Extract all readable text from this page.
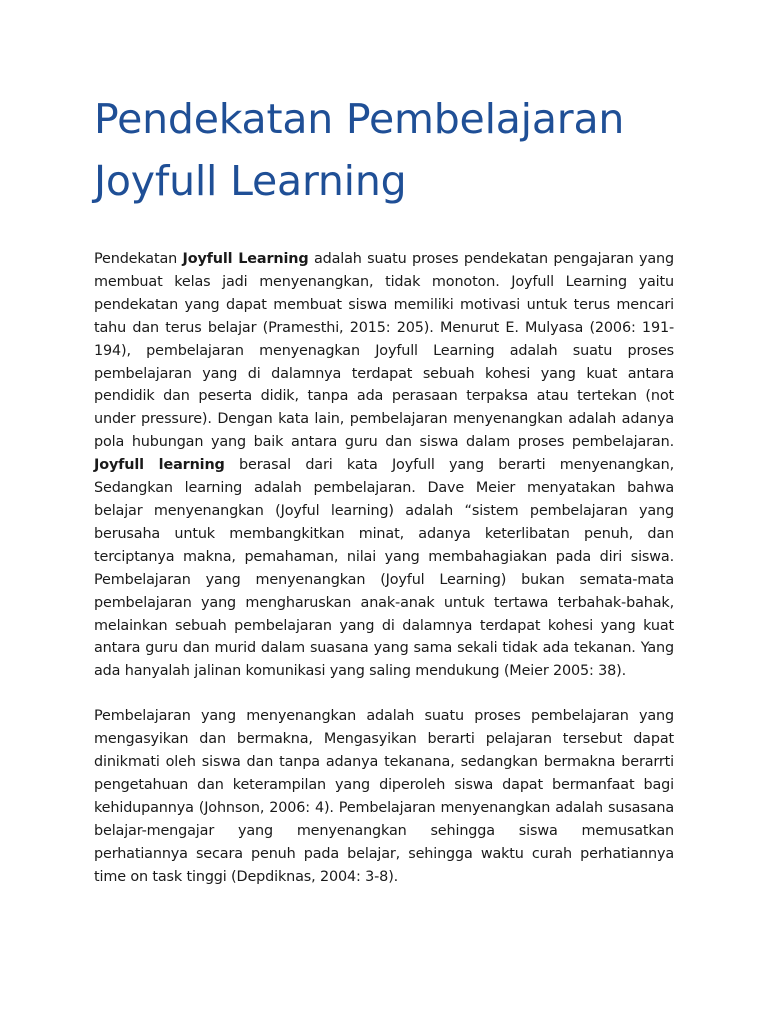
Pendekatan Pembelajaran
Joyfull Learning

Pendekatan Joyfull Learning adalah suatu proses pendekatan pengajaran yang membuat kelas jadi menyenangkan, tidak monoton. Joyfull Learning yaitu pendekatan yang dapat membuat siswa memiliki motivasi untuk terus mencari tahu dan terus belajar (Pramesthi, 2015: 205). Menurut E. Mulyasa (2006: 191-194), pembelajaran menyenagkan Joyfull Learning adalah suatu proses pembelajaran yang di dalamnya terdapat sebuah kohesi yang kuat antara pendidik dan peserta didik, tanpa ada perasaan terpaksa atau tertekan (not under pressure). Dengan kata lain, pembelajaran menyenangkan adalah adanya pola hubungan yang baik antara guru dan siswa dalam proses pembelajaran. Joyfull learning berasal dari kata Joyfull yang berarti menyenangkan, Sedangkan learning adalah pembelajaran. Dave Meier menyatakan bahwa belajar menyenangkan (Joyful learning) adalah “sistem pembelajaran yang berusaha untuk membangkitkan minat, adanya keterlibatan penuh, dan terciptanya makna, pemahaman, nilai yang membahagiakan pada diri siswa. Pembelajaran yang menyenangkan (Joyful Learning) bukan semata-mata pembelajaran yang mengharuskan anak-anak untuk tertawa terbahak-bahak, melainkan sebuah pembelajaran yang di dalamnya terdapat kohesi yang kuat antara guru dan murid dalam suasana yang sama sekali tidak ada tekanan. Yang ada hanyalah jalinan komunikasi yang saling mendukung (Meier 2005: 38).

Pembelajaran yang menyenangkan adalah suatu proses pembelajaran yang mengasyikan dan bermakna, Mengasyikan berarti pelajaran tersebut dapat dinikmati oleh siswa dan tanpa adanya tekanana, sedangkan bermakna berarrti pengetahuan dan keterampilan yang diperoleh siswa dapat bermanfaat bagi kehidupannya (Johnson, 2006: 4). Pembelajaran menyenangkan adalah susasana belajar-mengajar yang menyenangkan sehingga siswa memusatkan perhatiannya secara penuh pada belajar, sehingga waktu curah perhatiannya time on task tinggi (Depdiknas, 2004: 3-8).
